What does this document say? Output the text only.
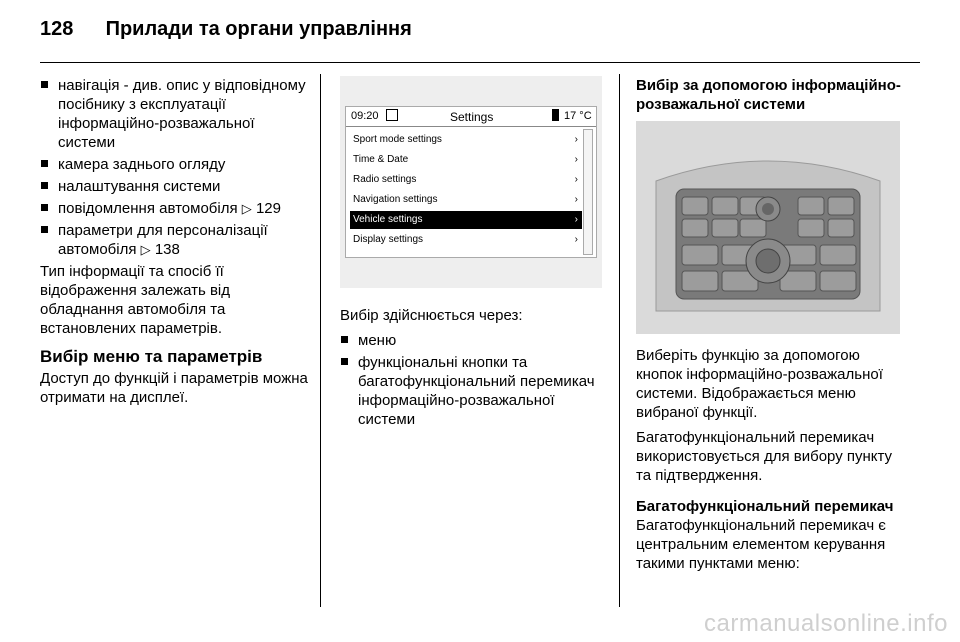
128 Прилади та органи управління
навігація - див. опис у відповідному посібнику з експлуатації інформаційно-розважальної системи
камера заднього огляду
налаштування системи
повідомлення автомобіля ▷ 129
параметри для персоналізації автомобіля ▷ 138

Тип інформації та спосіб її відображення залежать від обладнання автомобіля та встановлених параметрів.

Вибір меню та параметрів

Доступ до функцій і параметрів можна отримати на дисплеї.

09:20	Settings	17 °C
Sport mode settings	›
Time & Date	›
Radio settings	›
Navigation settings	›
Vehicle settings	›
Display settings	›

Вибір здійснюється через:

меню
функціональні кнопки та багатофункціональний перемикач інформаційно-розважальної системи
Вибір за допомогою інформаційно-розважальної системи

Виберіть функцію за допомогою кнопок інформаційно-розважальної системи. Відображається меню вибраної функції.

Багатофункціональний перемикач використовується для вибору пункту та підтвердження.

Багатофункціональний перемикач

Багатофункціональний перемикач є центральним елементом керування такими пунктами меню:

carmanualsonline.info
